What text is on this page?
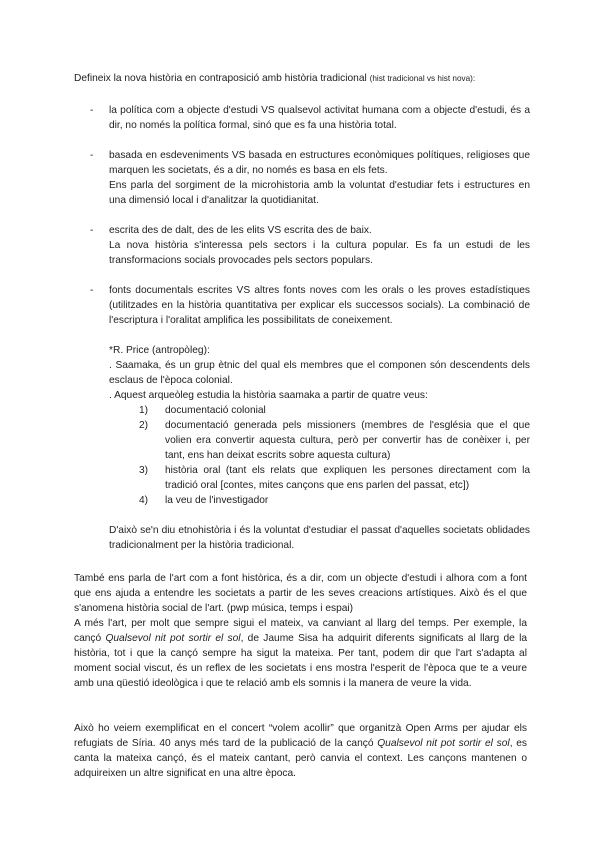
Defineix la nova història en contraposició amb història tradicional (hist tradicional vs hist nova):
- la política com a objecte d'estudi VS qualsevol activitat humana com a objecte d'estudi, és a dir, no només la política formal, sinó que es fa una història total.

- basada en esdeveniments VS basada en estructures econòmiques polítiques, religioses que marquen les societats, és a dir, no només es basa en els fets.

Ens parla del sorgiment de la microhistoria amb la voluntat d'estudiar fets i estructures en una dimensió local i d'analitzar la quotidianitat.

- escrita des de dalt, des de les elits VS escrita des de baix.

La nova història s'interessa pels sectors i la cultura popular. Es fa un estudi de les transformacions socials provocades pels sectors populars.

- fonts documentals escrites VS altres fonts noves com les orals o les proves estadístiques (utilitzades en la història quantitativa per explicar els successos socials). La combinació de l'escriptura i l'oralitat amplifica les possibilitats de coneixement.

*R. Price (antropòleg):

. Saamaka, és un grup ètnic del qual els membres que el componen són descendents dels esclaus de l'època colonial.

. Aquest arqueòleg estudia la història saamaka a partir de quatre veus:

1) documentació colonial
2) documentació generada pels missioners (membres de l'església que el que volien era convertir aquesta cultura, però per convertir has de conèixer i, per tant, ens han deixat escrits sobre aquesta cultura)
3) història oral (tant els relats que expliquen les persones directament com la tradició oral [contes, mites cançons que ens parlen del passat, etc])
4) la veu de l'investigador

D'això se'n diu etnohistòria i és la voluntat d'estudiar el passat d'aquelles societats oblidades tradicionalment per la història tradicional.

També ens parla de l'art com a font històrica, és a dir, com un objecte d'estudi i alhora com a font que ens ajuda a entendre les societats a partir de les seves creacions artístiques. Això és el que s'anomena història social de l'art. (pwp música, temps i espai)

A més l'art, per molt que sempre sigui el mateix, va canviant al llarg del temps. Per exemple, la cançó Qualsevol nit pot sortir el sol, de Jaume Sisa ha adquirit diferents significats al llarg de la història, tot i que la cançó sempre ha sigut la mateixa. Per tant, podem dir que l'art s'adapta al moment social viscut, és un reflex de les societats i ens mostra l'esperit de l'època que te a veure amb una qüestió ideològica i que te relació amb els somnis i la manera de veure la vida.

Això ho veiem exemplificat en el concert “volem acollir” que organitzà Open Arms per ajudar els refugiats de Síria. 40 anys més tard de la publicació de la cançó Qualsevol nit pot sortir el sol, es canta la mateixa cançó, és el mateix cantant, però canvia el context. Les cançons mantenen o adquireixen un altre significat en una altre època.
